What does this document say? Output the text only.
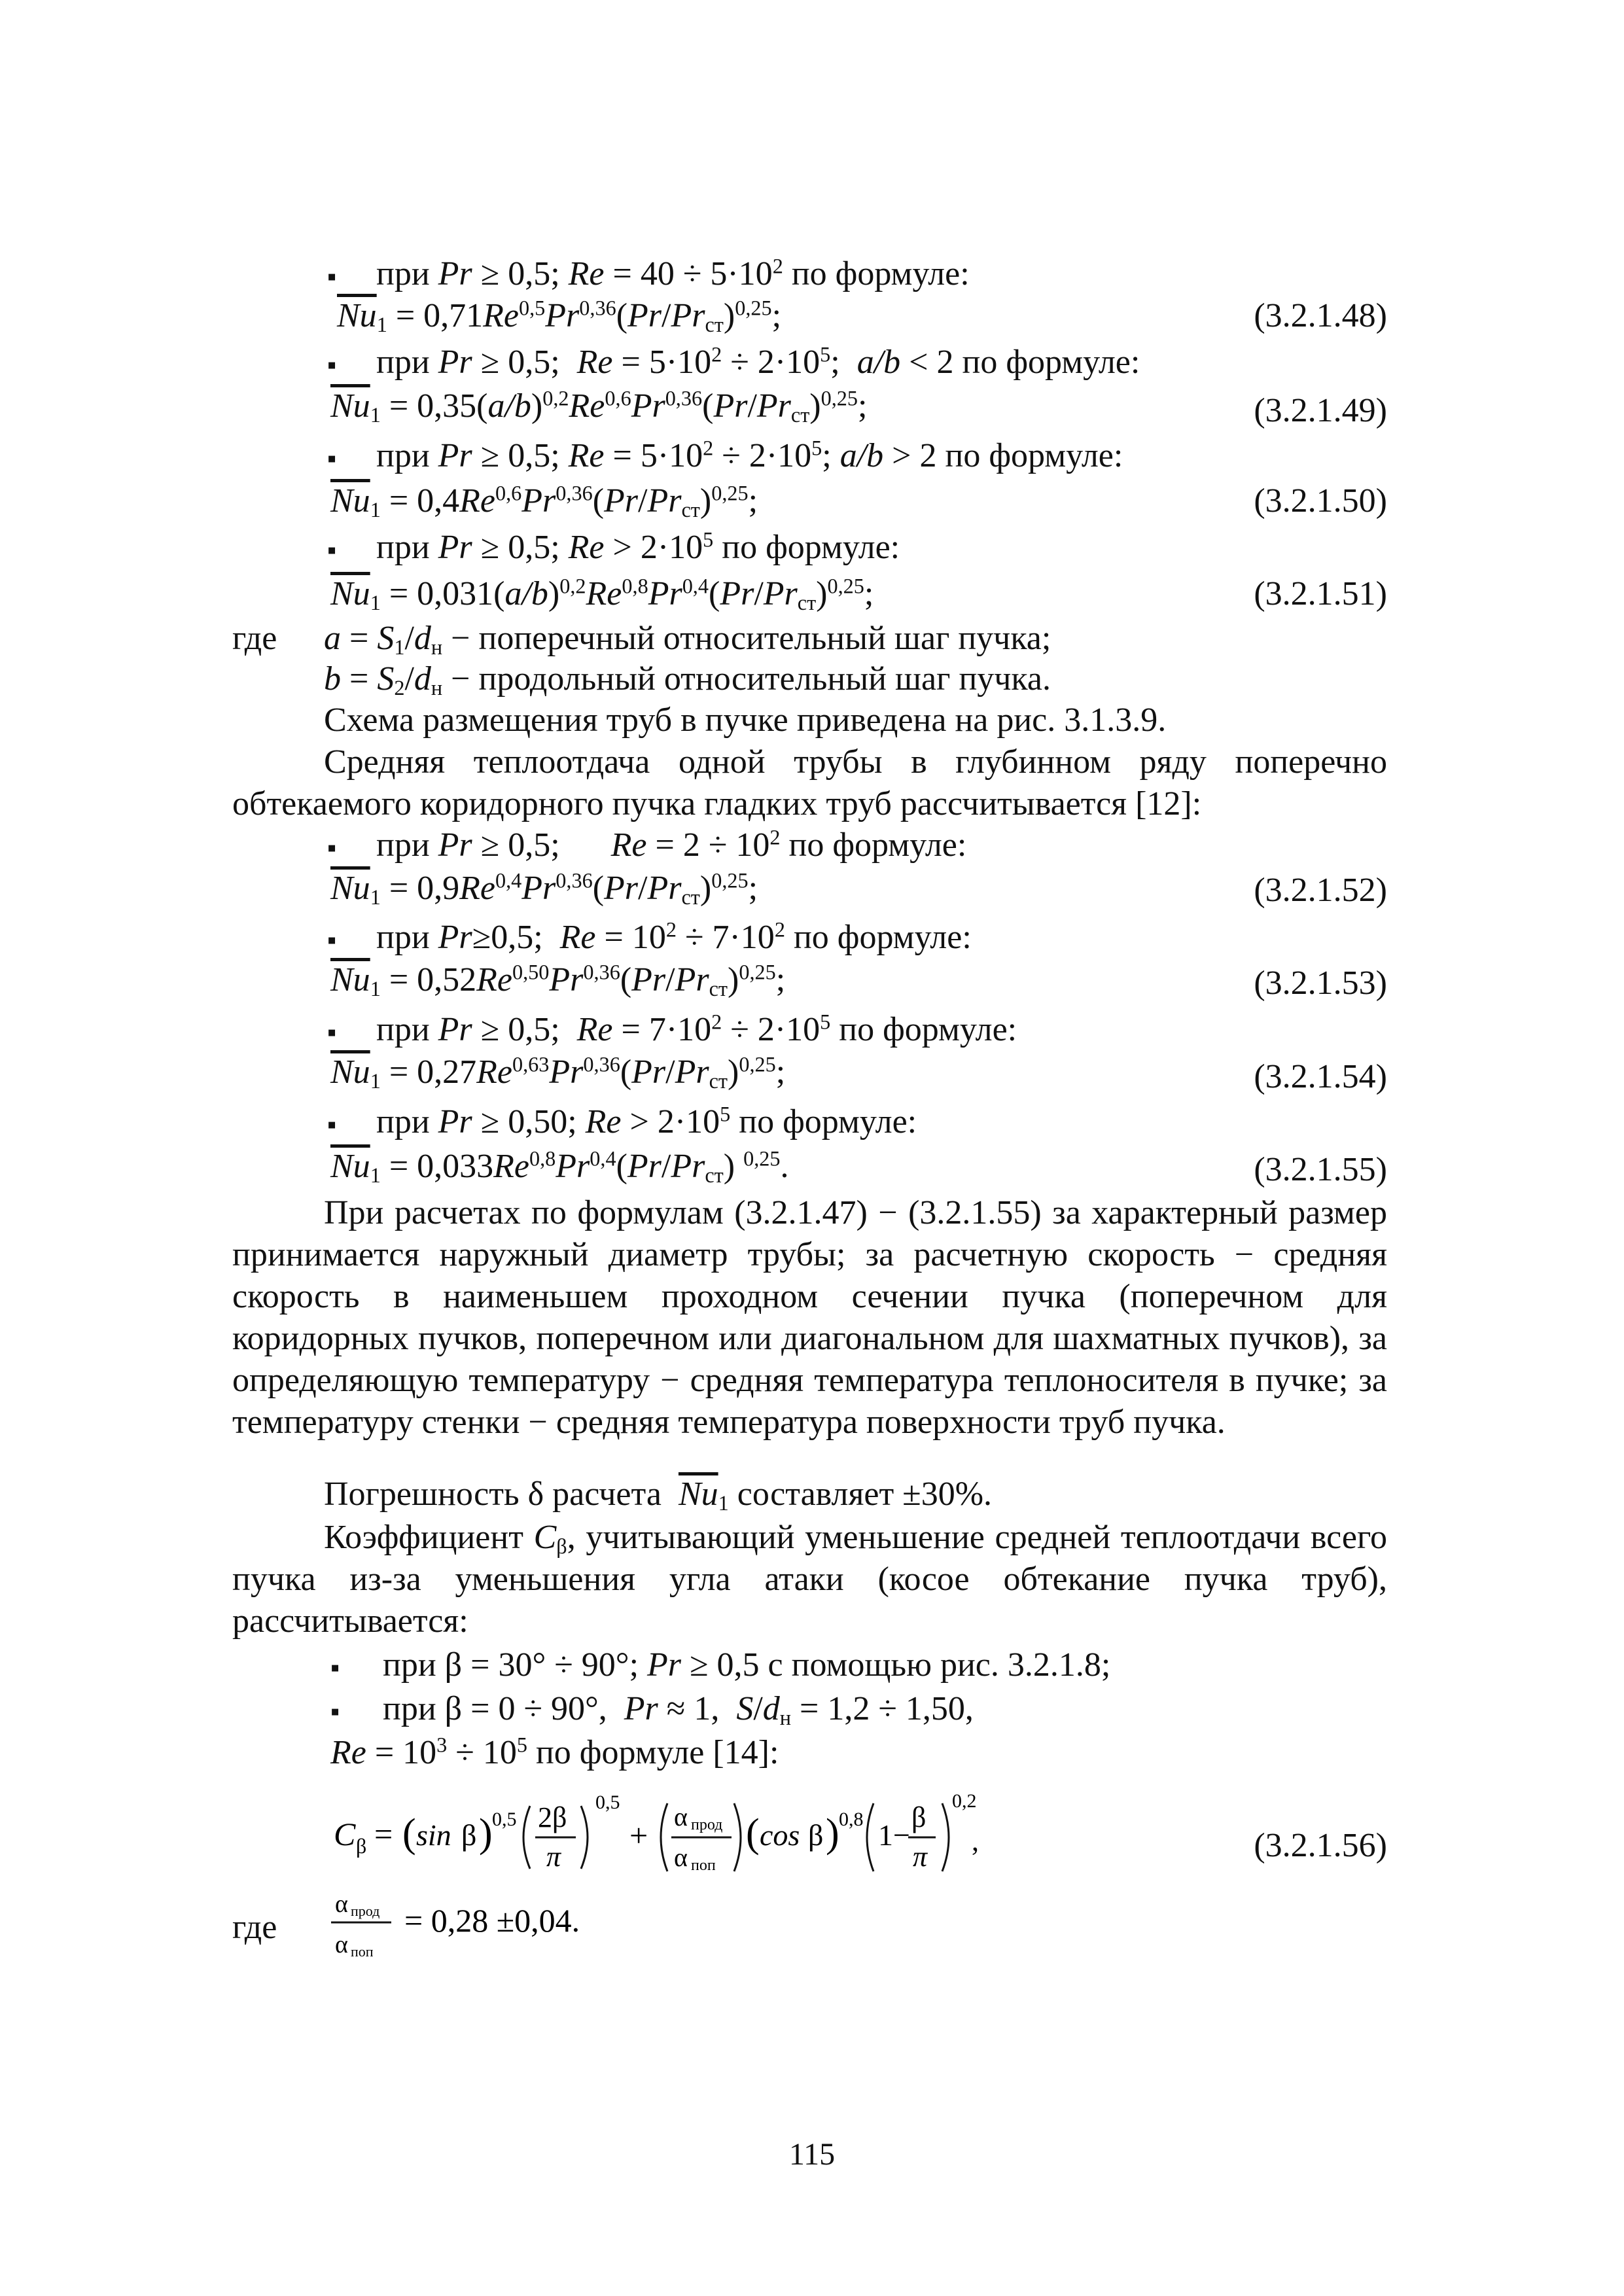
▪ при Pr ≥ 0,5; $Re = 40 \div 5\cdot 10^2$ по формуле:
$\overline{Nu}_1 = 0,71Re^{0,5}Pr^{0,36}(Pr/Pr_{ст})^{0,25}$;	(3.2.1.48)
▪ при Pr ≥ 0,5;  $Re = 5\cdot 10^2 \div 2\cdot 10^5$;  a/b < 2 по формуле:
$\overline{Nu}_1 = 0,35(a/b)^{0,2}Re^{0,6}Pr^{0,36}(Pr/Pr_{ст})^{0,25}$;	(3.2.1.49)
▪ при Pr ≥ 0,5; $Re = 5\cdot 10^2 \div 2\cdot 10^5$; a/b > 2 по формуле:
$\overline{Nu}_1 = 0,4Re^{0,6}Pr^{0,36}(Pr/Pr_{ст})^{0,25}$;	(3.2.1.50)
▪ при Pr ≥ 0,5; $Re > 2\cdot 10^5$ по формуле:
$\overline{Nu}_1 = 0,031(a/b)^{0,2}Re^{0,8}Pr^{0,4}(Pr/Pr_{ст})^{0,25}$;	(3.2.1.51)
где $a = S_1/d_н$ − поперечный относительный шаг пучка;
$b = S_2/d_н$ − продольный относительный шаг пучка.
Схема размещения труб в пучке приведена на рис. 3.1.3.9.
Средняя теплоотдача одной трубы в глубинном ряду поперечно обтекаемого коридорного пучка гладких труб рассчитывается [12]:
▪ при Pr ≥ 0,5;      $Re = 2 \div 10^2$ по формуле:
$\overline{Nu}_1 = 0,9Re^{0,4}Pr^{0,36}(Pr/Pr_{ст})^{0,25}$;	(3.2.1.52)
▪ при Pr≥0,5;  $Re = 10^2 \div 7\cdot 10^2$ по формуле:
$\overline{Nu}_1 = 0,52Re^{0,50}Pr^{0,36}(Pr/Pr_{ст})^{0,25}$;	(3.2.1.53)
▪ при Pr ≥ 0,5;  $Re = 7\cdot 10^2 \div 2\cdot 10^5$ по формуле:
$\overline{Nu}_1 = 0,27Re^{0,63}Pr^{0,36}(Pr/Pr_{ст})^{0,25}$;	(3.2.1.54)
▪ при Pr ≥ 0,50; $Re > 2\cdot 10^5$ по формуле:
$\overline{Nu}_1 = 0,033Re^{0,8}Pr^{0,4}(Pr/Pr_{ст})$ $^{0,25}$.	(3.2.1.55)
При расчетах по формулам (3.2.1.47) − (3.2.1.55) за характерный размер принимается наружный диаметр трубы; за расчетную скорость − средняя скорость в наименьшем проходном сечении пучка (поперечном для коридорных пучков, поперечном или диагональном для шахматных пучков), за определяющую температуру − средняя температура теплоносителя в пучке; за температуру стенки − средняя температура поверхности труб пучка.
Погрешность δ расчета  $\overline{Nu}_1$ составляет ±30%.
Коэффициент $C_\beta$, учитывающий уменьшение средней теплоотдачи всего пучка из-за уменьшения угла атаки (косое обтекание пучка труб), рассчитывается:
▪ при β = 30° ÷ 90°; Pr ≥ 0,5 с помощью рис. 3.2.1.8;
▪ при β = 0 ÷ 90°,  Pr ≈ 1,  $S/d_н = 1,2 \div 1,50$,
$Re = 10^3 \div 10^5$ по формуле [14]:
C β = ( sin β ) 0,5 2β
π
0,5
+
α прод
α поп
( cos β ) 0,8 1−
β
π
0,2
,	(3.2.1.56)
где
α прод
α поп
= 0,28 ±0,04.
115
